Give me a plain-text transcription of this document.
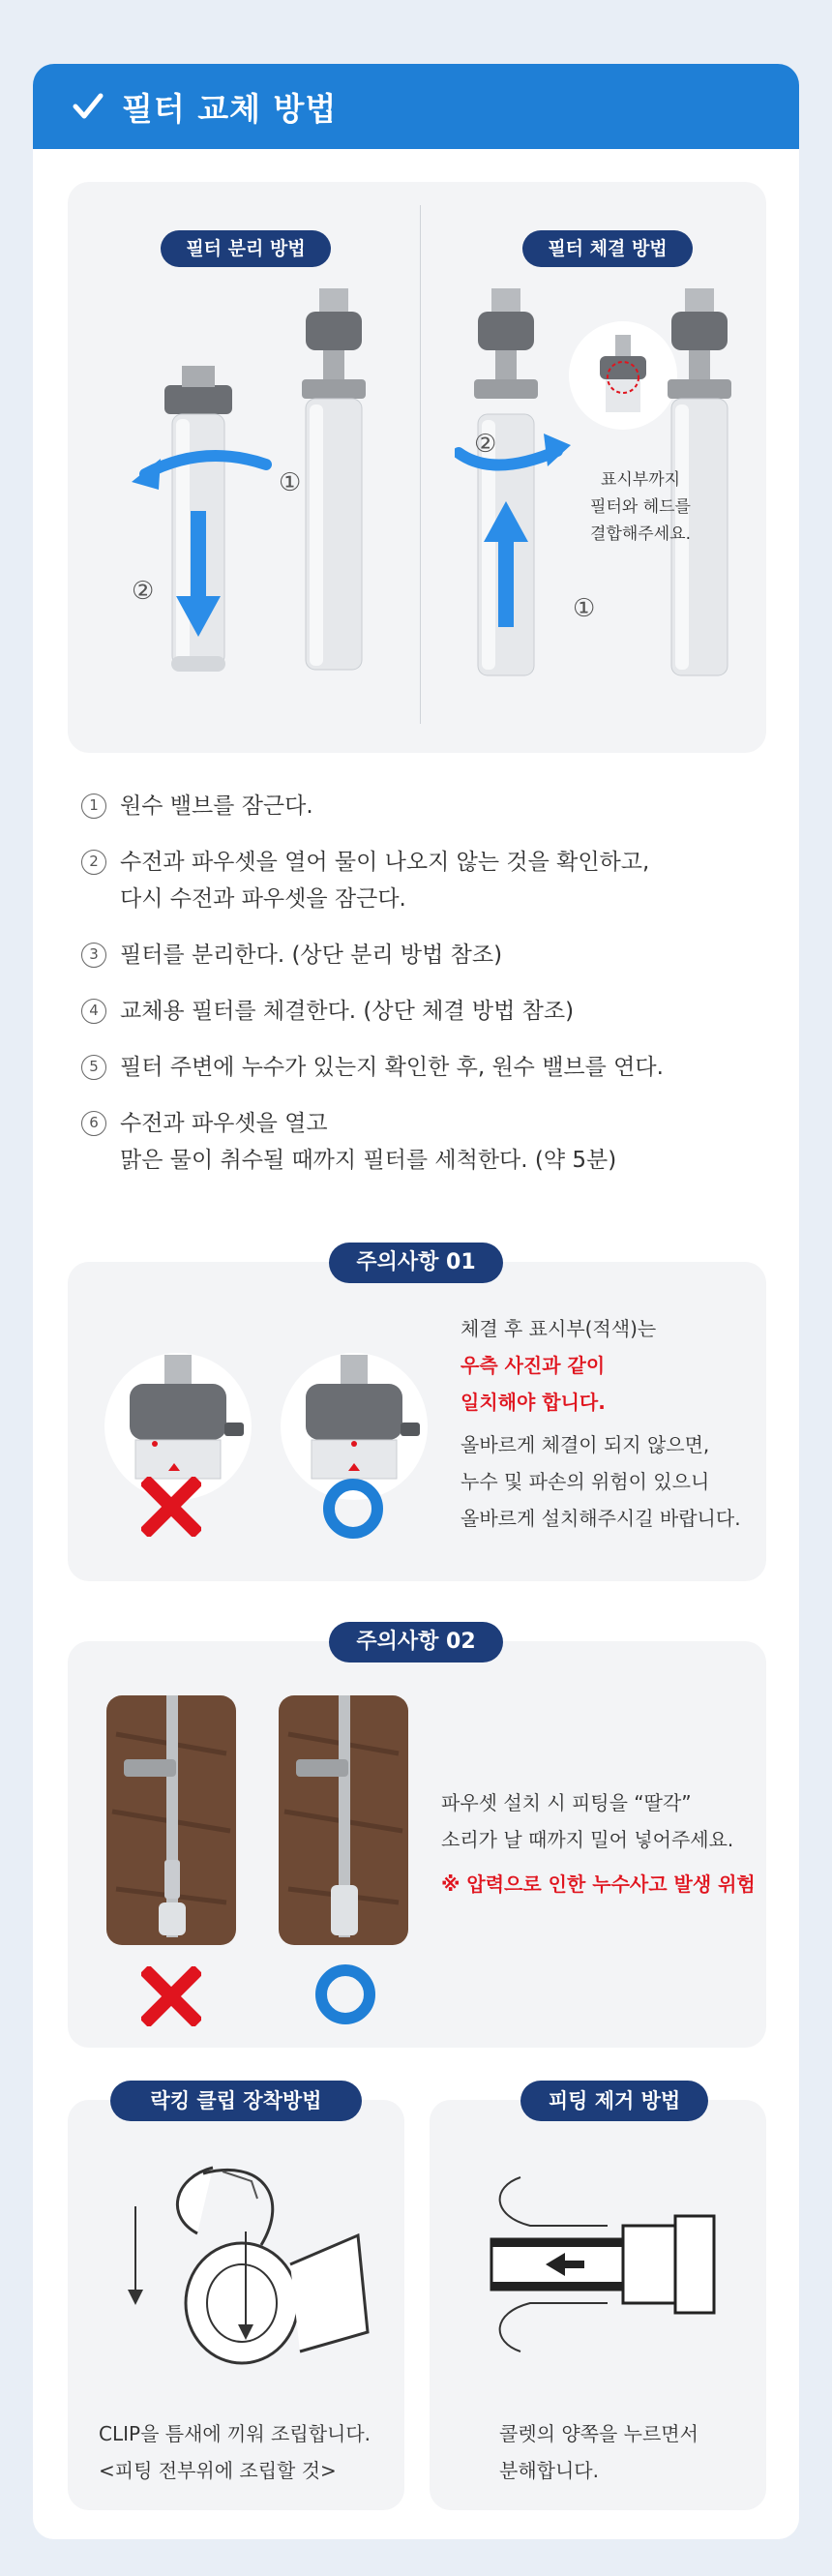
필터 교체 방법
필터 분리 방법	필터 체결 방법
①
②
②
①
표시부까지
필터와 헤드를
결합해주세요.
1 원수 밸브를 잠근다.
2 수전과 파우셋을 열어 물이 나오지 않는 것을 확인하고,
다시 수전과 파우셋을 잠근다.
3 필터를 분리한다. (상단 분리 방법 참조)
4 교체용 필터를 체결한다. (상단 체결 방법 참조)
5 필터 주변에 누수가 있는지 확인한 후, 원수 밸브를 연다.
6 수전과 파우셋을 열고
맑은 물이 취수될 때까지 필터를 세척한다. (약 5분)
체결 후 표시부(적색)는
우측 사진과 같이
일치해야 합니다.
올바르게 체결이 되지 않으면,
누수 및 파손의 위험이 있으니
올바르게 설치해주시길 바랍니다.
주의사항 01
파우셋 설치 시 피팅을 “딸각”
소리가 날 때까지 밀어 넣어주세요.
※ 압력으로 인한 누수사고 발생 위험
주의사항 02
CLIP을 틈새에 끼워 조립합니다.
<피팅 전부위에 조립할 것>
락킹 클립 장착방법
콜렛의 양쪽을 누르면서
분해합니다.
피팅 제거 방법
